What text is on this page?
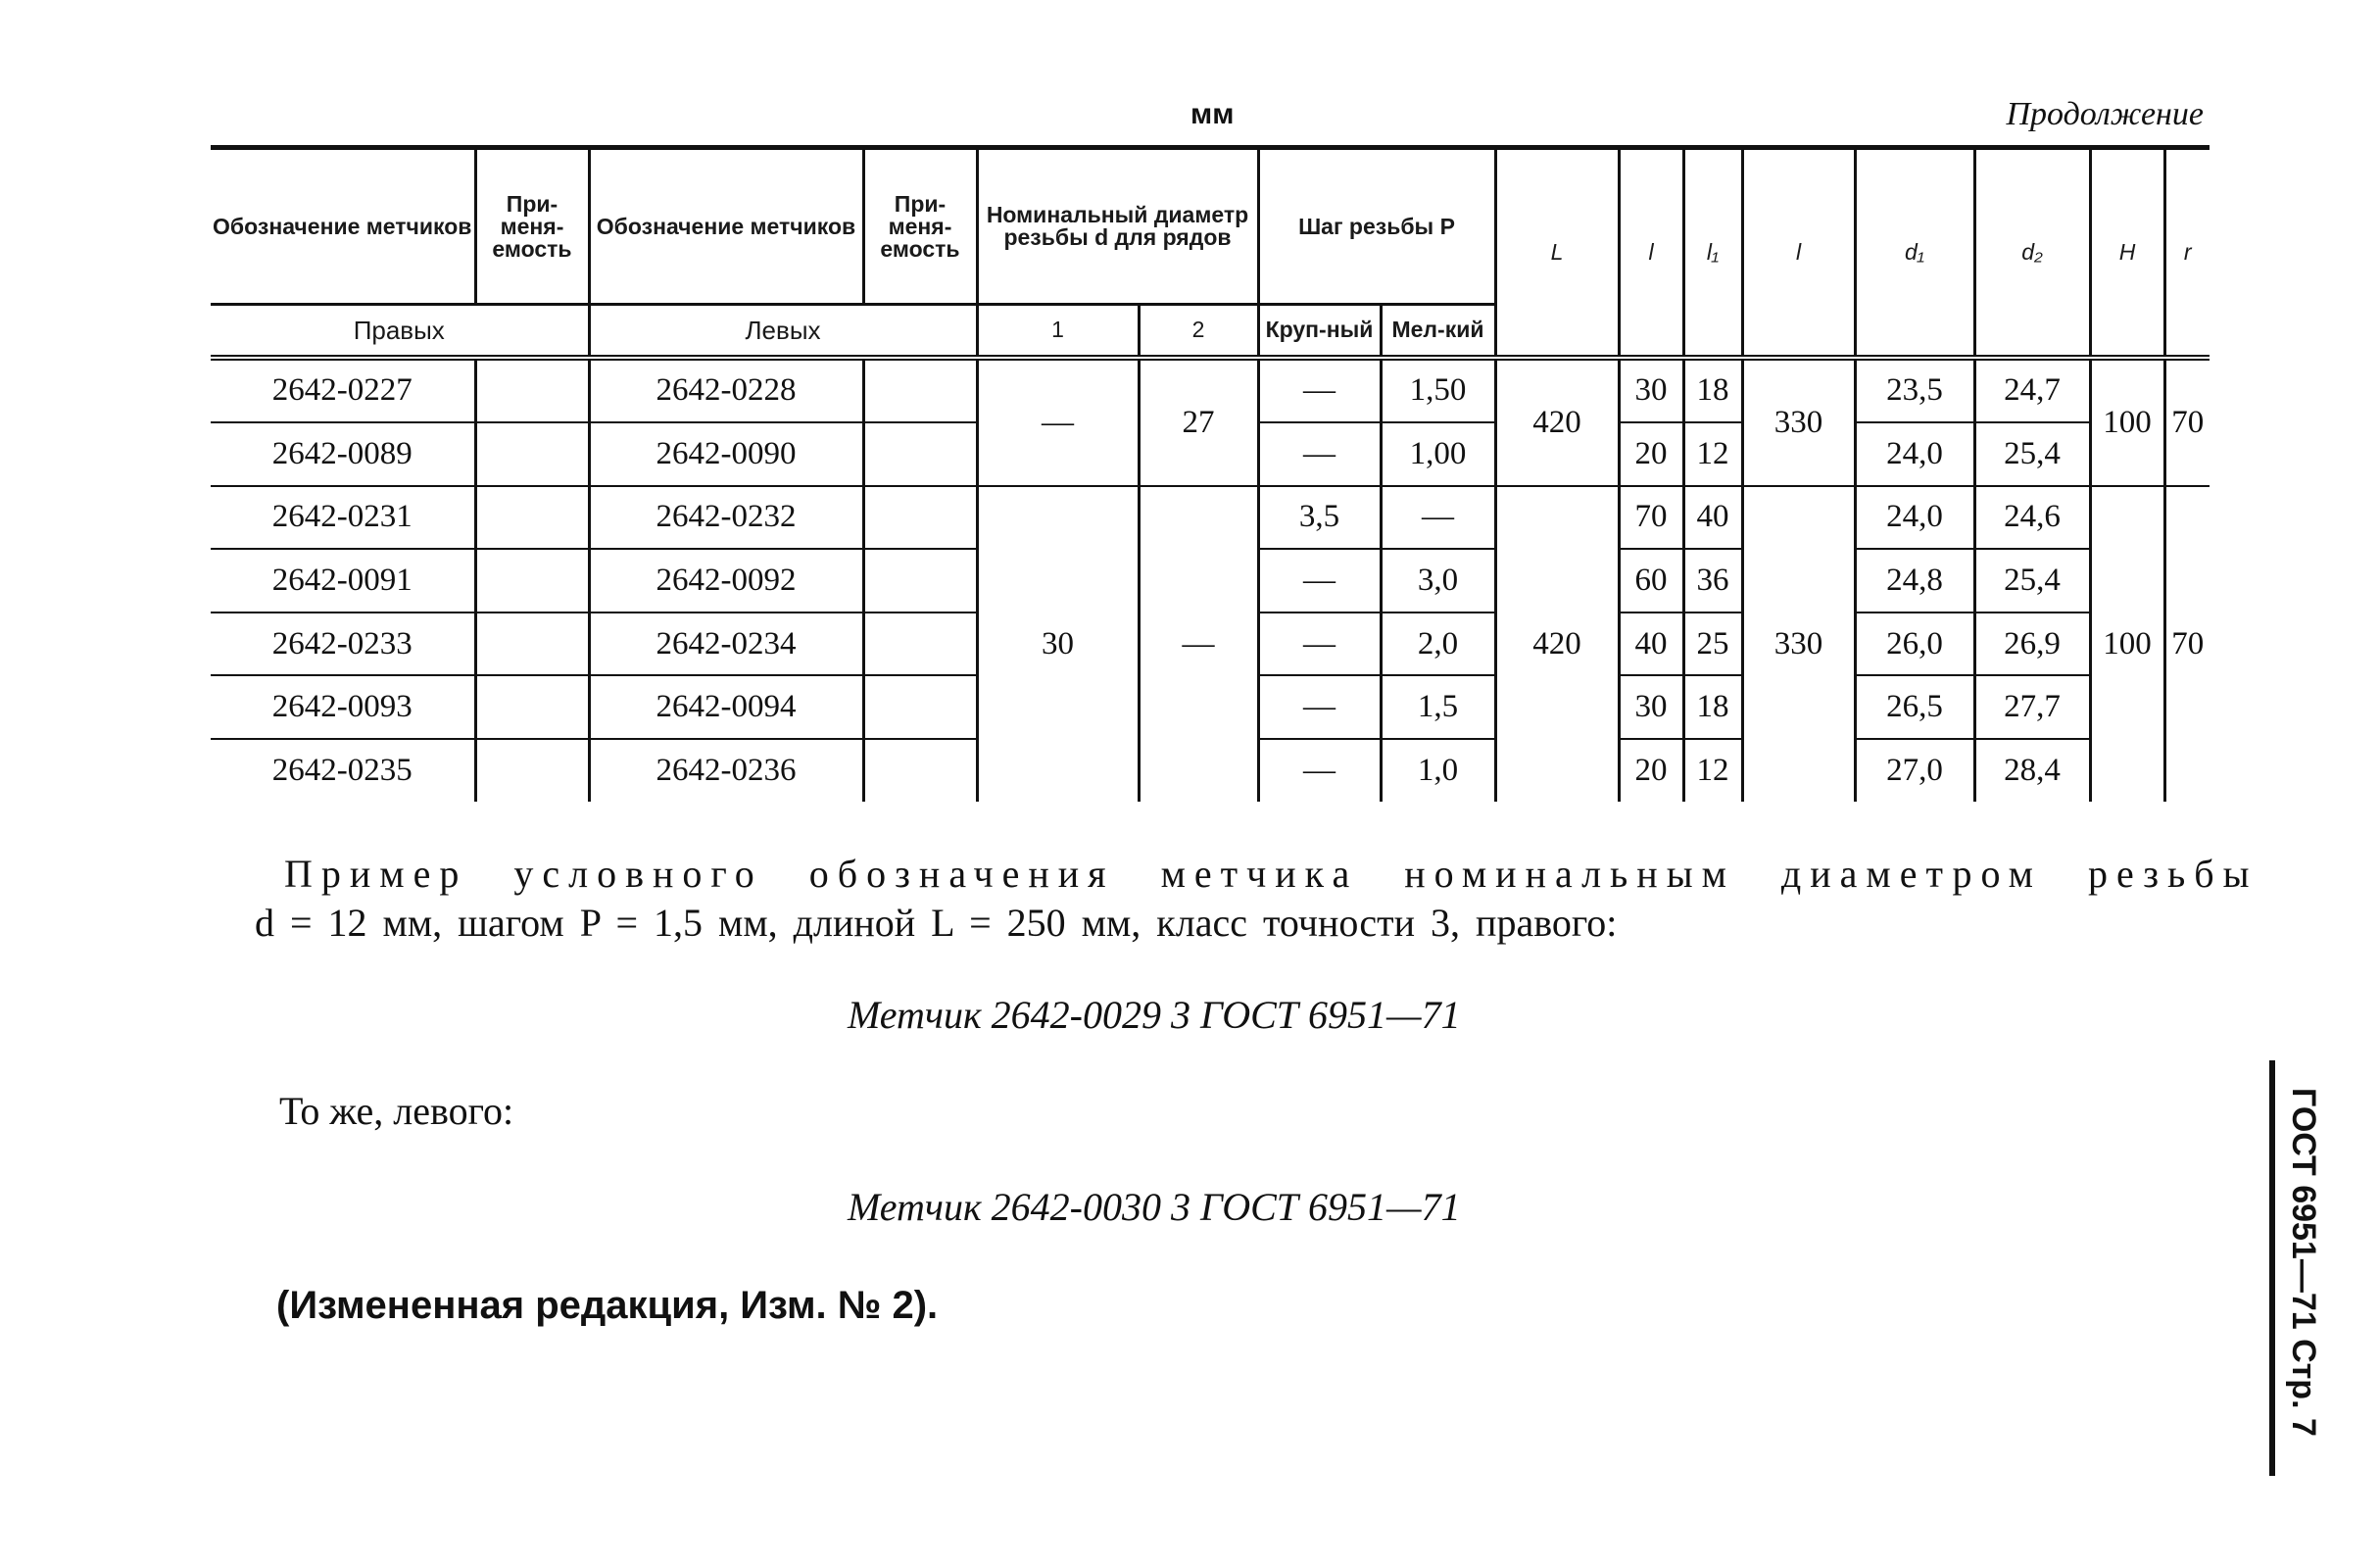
мм	Продолжение
Обозначение метчиков	При-меня-емость	Обозначение метчиков	При-меня-емость	Номинальный диаметр резьбы d для рядов		Шаг резьбы P		L	l	l₁	l	d₁	d₂	H	r
Правых		Левых		1	2	Круп-ный	Мел-кий								

2642-0227		2642-0228		—	27	—	1,50	420	30	18	330	23,5	24,7	100	70
2642-0089		2642-0090				—	1,00		20	12		24,0	25,4		
2642-0231		2642-0232		30	—	3,5	—	420	70	40	330	24,0	24,6	100	70
2642-0091		2642-0092				—	3,0		60	36		24,8	25,4		
2642-0233		2642-0234				—	2,0		40	25		26,0	26,9		
2642-0093		2642-0094				—	1,5		30	18		26,5	27,7		
2642-0235		2642-0236				—	1,0		20	12		27,0	28,4		
Пример условного обозначения метчика номинальным диаметром резьбы
d = 12 мм, шагом P = 1,5 мм, длиной L = 250 мм, класс точности 3, правого:
Метчик 2642-0029 3 ГОСТ 6951—71
То же, левого:
Метчик 2642-0030 3 ГОСТ 6951—71
(Измененная редакция, Изм. № 2).	ГОСТ 6951—71 Стр. 7
